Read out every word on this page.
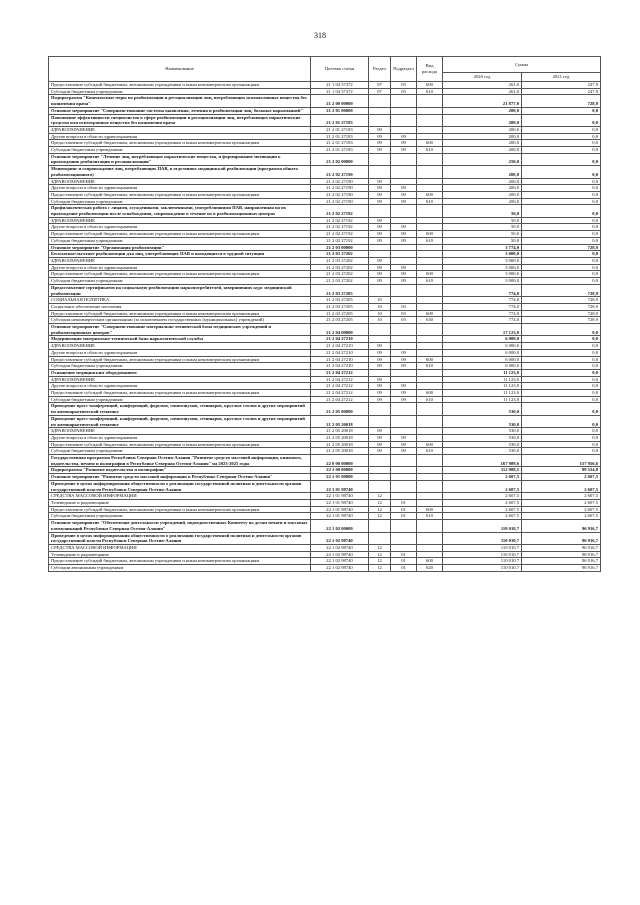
318
Наименование	Целевая статья	Раздел	Подраздел	Вид расхода	Сумма	
					2020 год	2021 год
Предоставление субсидий бюджетным, автономным учреждениям и иным некоммерческим организациям	21 1 04 57372	07	05	600	261,0	247,9
Субсидии бюджетным учреждениям	21 1 04 57372	07	05	610	261,0	247,9
Подпрограмма "Комплексные меры по реабилитации и ресоциализации лиц, потребляющих психоактивные вещества без назначения врача"	21 2 00 00000				21 877,0	728,9
Основное мероприятие "Совершенствование системы выявления, лечения и реабилитации лиц, больных наркоманией"	21 2 01 00000				200,0	0,0
Повышение эффективности специалистов в сфере реабилитации и ресоциализации лиц, потребляющих наркотические средства или психотропные вещества без назначения врача	21 2 01 27183				200,0	0,0
ЗДРАВООХРАНЕНИЕ	21 2 01 27183	09			200,0	0,0
Другие вопросы в области здравоохранения	21 2 01 27183	09	09		200,0	0,0
Предоставление субсидий бюджетным, автономным учреждениям и иным некоммерческим организациям	21 2 01 27183	09	09	600	200,0	0,0
Субсидии бюджетным учреждениям	21 2 01 27183	09	09	610	200,0	0,0
Основное мероприятие "Лечение лиц, потребляющих наркотические вещества, и формирование мотивации к прохождению реабилитации и ресоциализации"	21 2 02 00000				250,0	0,0
Мониторинг и сопровождение лиц, потребляющих ПАВ, в отделениях медицинской реабилитации (программа общего реабилитационного)	21 2 02 27190				200,0	0,0
ЗДРАВООХРАНЕНИЕ	21 2 02 27190	09			200,0	0,0
Другие вопросы в области здравоохранения	21 2 02 27190	09	09		200,0	0,0
Предоставление субсидий бюджетным, автономным учреждениям и иным некоммерческим организациям	21 2 02 27190	09	09	600	200,0	0,0
Субсидии бюджетным учреждениям	21 2 02 27190	09	09	610	200,0	0,0
Профилактическая работа с лицами, осужденными, заключенными, употреблявшими ПАВ, направленная на их прохождение реабилитации после освобождения, сопровождение в течение их в реабилитационных центрах	21 2 02 27192				50,0	0,0
ЗДРАВООХРАНЕНИЕ	21 2 02 27192	09			50,0	0,0
Другие вопросы в области здравоохранения	21 2 02 27192	09	09		50,0	0,0
Предоставление субсидий бюджетным, автономным учреждениям и иным некоммерческим организациям	21 2 02 27192	09	09	600	50,0	0,0
Субсидии бюджетным учреждениям	21 2 02 27192	09	09	610	50,0	0,0
Основное мероприятие "Организация реабилитации"	21 2 03 00000				3 774,0	728,9
Бесплатное/льготное реабилитации для лиц, употребляющих ПАВ и находящихся в трудной ситуации	21 2 03 27202				3 000,0	0,0
ЗДРАВООХРАНЕНИЕ	21 2 03 27202	09			3 000,0	0,0
Другие вопросы в области здравоохранения	21 2 03 27202	09	09		3 000,0	0,0
Предоставление субсидий бюджетным, автономным учреждениям и иным некоммерческим организациям	21 2 03 27202	09	09	600	3 000,0	0,0
Субсидии бюджетным учреждениям	21 2 03 27202	09	09	610	3 000,0	0,0
Предоставление сертификатов на социальную реабилитацию наркопотребителей, завершивших курс медицинской реабилитации	21 2 03 27205				774,0	728,9
СОЦИАЛЬНАЯ ПОЛИТИКА	21 2 03 27205	10			774,0	728,9
Социальное обеспечение населения	21 2 03 27205	10	03		774,0	728,9
Предоставление субсидий бюджетным, автономным учреждениям и иным некоммерческим организациям	21 2 03 27205	10	03	600	774,0	728,9
Субсидии некоммерческим организациям (за исключением государственных (муниципальных) учреждений)	21 2 03 27205	10	03	630	774,0	728,9
Основное мероприятие "Совершенствование материально-технической базы медицинских учреждений и реабилитационных центров"	21 2 04 00000				17 123,0	0,0
Модернизация материально-технической базы наркологической службы	21 2 04 27210				6 000,0	0,0
ЗДРАВООХРАНЕНИЕ	21 2 04 27210	09			6 000,0	0,0
Другие вопросы в области здравоохранения	21 2 04 27210	09	09		6 000,0	0,0
Предоставление субсидий бюджетным, автономным учреждениям и иным некоммерческим организациям	21 2 04 27210	09	09	600	6 000,0	0,0
Субсидии бюджетным учреждениям	21 2 04 27210	09	09	610	6 000,0	0,0
Оснащение медицинским оборудованием	21 2 04 27212				11 123,0	0,0
ЗДРАВООХРАНЕНИЕ	21 2 04 27212	09			11 123,0	0,0
Другие вопросы в области здравоохранения	21 2 04 27212	09	09		11 123,0	0,0
Предоставление субсидий бюджетным, автономным учреждениям и иным некоммерческим организациям	21 2 04 27212	09	09	600	11 123,0	0,0
Субсидии бюджетным учреждениям	21 2 04 27212	09	09	610	11 123,0	0,0
Проведение пресс-конференций, конференций, форумов, симпозиумов, семинаров, круглых столов и других мероприятий по антинаркотической тематике	21 2 05 00000				530,0	0,0
Проведение пресс-конференций, конференций, форумов, симпозиумов, семинаров, круглых столов и других мероприятий по антинаркотической тематике	21 2 05 20018				530,0	0,0
ЗДРАВООХРАНЕНИЕ	21 2 05 20018	09			530,0	0,0
Другие вопросы в области здравоохранения	21 2 05 20018	09	09		530,0	0,0
Предоставление субсидий бюджетным, автономным учреждениям и иным некоммерческим организациям	21 2 05 20018	09	09	600	530,0	0,0
Субсидии бюджетным учреждениям	21 2 05 20018	09	09	610	530,0	0,0
Государственная программа Республики Северная Осетия-Алания "Развитие средств массовой информации, книжного, издательства, печати и полиграфии в Республике Северная Осетия-Алания" на 2023-2025 годы	22 0 00 00000				167 989,6	157 956,6
Подпрограмма "Развитие издательства и полиграфии"	22 1 00 00000				112 088,5	99 524,8
Основное мероприятие "Развитие средств массовой информации в Республике Северная Осетия-Алания"	22 1 01 00000				2 607,5	2 607,5
Проведение в целях информирования общественности о реализации государственной политики и деятельности органов государственной власти Республики Северная Осетия-Алания	22 1 01 98740				2 607,5	2 607,5
СРЕДСТВА МАССОВОЙ ИНФОРМАЦИИ	22 1 01 98740	12			2 607,5	2 607,5
Телевидение и радиовещание	22 1 01 98740	12	01		2 607,5	2 607,5
Предоставление субсидий бюджетным, автономным учреждениям и иным некоммерческим организациям	22 1 01 98740	12	01	600	2 607,5	2 607,5
Субсидии бюджетным учреждениям	22 1 01 98740	12	01	610	2 607,5	2 607,5
Основное мероприятие "Обеспечение деятельности учреждений, подведомственных Комитету по делам печати и массовых коммуникаций Республики Северная Осетия-Алания"	22 1 02 00000				110 010,7	96 916,7
Проведение в целях информирования общественности о реализации государственной политики и деятельности органов государственной власти Республики Северная Осетия-Алания	22 1 02 98740				110 010,7	96 916,7
СРЕДСТВА МАССОВОЙ ИНФОРМАЦИИ	22 1 02 98740	12			110 010,7	96 916,7
Телевидение и радиовещание	22 1 02 98740	12	01		110 010,7	96 916,7
Предоставление субсидий бюджетным, автономным учреждениям и иным некоммерческим организациям	22 1 02 98740	12	01	600	110 010,7	96 916,7
Субсидии автономным учреждениям	22 1 02 98740	12	01	620	110 010,7	96 916,7
